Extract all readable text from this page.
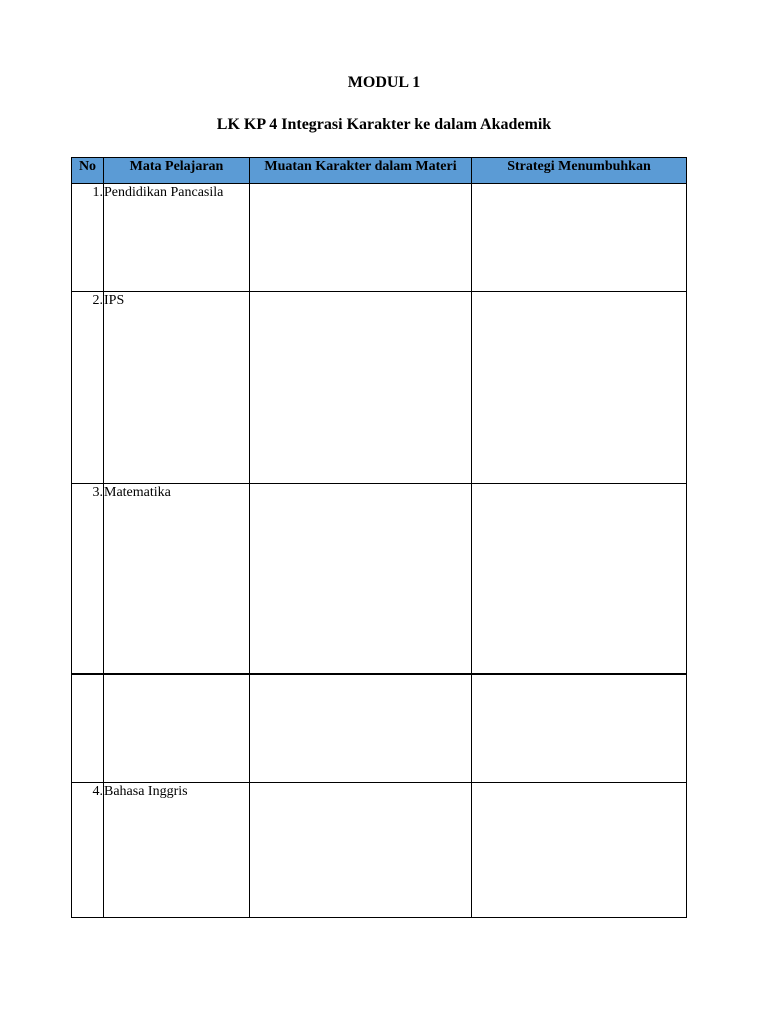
MODUL 1
LK KP 4 Integrasi Karakter ke dalam Akademik
No	Mata Pelajaran	Muatan Karakter dalam Materi	Strategi Menumbuhkan
1.	Pendidikan Pancasila		
2.	IPS		
3.	Matematika		

4.	Bahasa Inggris		
